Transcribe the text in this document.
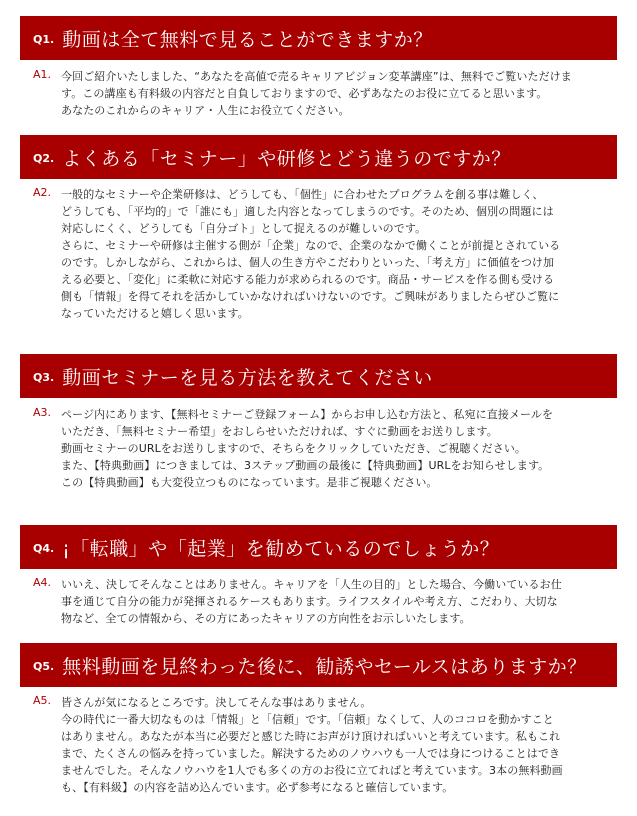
Q1. 動画は全て無料で見ることができますか？
A1. 今回ご紹介いたしました、“あなたを高値で売るキャリアビジョン変革講座”は、無料でご覧いただけま
す。この講座も有料級の内容だと自負しておりますので、必ずあなたのお役に立てると思います。
あなたのこれからのキャリア・人生にお役立てください。
Q2. よくある「セミナー」や研修とどう違うのですか？
A2. 一般的なセミナーや企業研修は、どうしても、「個性」に合わせたプログラムを創る事は難しく、
どうしても、「平均的」で「誰にも」適した内容となってしまうのです。そのため、個別の問題には
対応しにくく、どうしても「自分ゴト」として捉えるのが難しいのです。
さらに、セミナーや研修は主催する側が「企業」なので、企業のなかで働くことが前提とされている
のです。しかしながら、これからは、個人の生き方やこだわりといった、「考え方」に価値をつけ加
える必要と、「変化」に柔軟に対応する能力が求められるのです。商品・サービスを作る側も受ける
側も「情報」を得てそれを活かしていかなければいけないのです。ご興味がありましたらぜひご覧に
なっていただけると嬉しく思います。
Q3. 動画セミナーを見る方法を教えてください
A3. ページ内にあります、【無料セミナーご登録フォーム】からお申し込む方法と、私宛に直接メールを
いただき、「無料セミナー希望」をおしらせいただければ、すぐに動画をお送りします。
動画セミナーのURLをお送りしますので、そちらをクリックしていただき、ご視聴ください。
また、【特典動画】につきましては、3ステップ動画の最後に【特典動画】URLをお知らせします。
この【特典動画】も大変役立つものになっています。是非ご視聴ください。
Q4. ¡「転職」や「起業」を勧めているのでしょうか？
A4. いいえ、決してそんなことはありません。キャリアを「人生の目的」とした場合、今働いているお仕
事を通じて自分の能力が発揮されるケースもあります。ライフスタイルや考え方、こだわり、大切な
物など、全ての情報から、その方にあったキャリアの方向性をお示しいたします。
Q5. 無料動画を見終わった後に、勧誘やセールスはありますか？
A5. 皆さんが気になるところです。決してそんな事はありません。
今の時代に一番大切なものは「情報」と「信頼」です。「信頼」なくして、人のココロを動かすこと
はありません。あなたが本当に必要だと感じた時にお声がけ頂ければいいと考えています。私もこれ
まで、たくさんの悩みを持っていました。解決するためのノウハウも一人では身につけることはでき
ませんでした。そんなノウハウを1人でも多くの方のお役に立てればと考えています。3本の無料動画
も、【有料級】の内容を詰め込んでいます。必ず参考になると確信しています。
